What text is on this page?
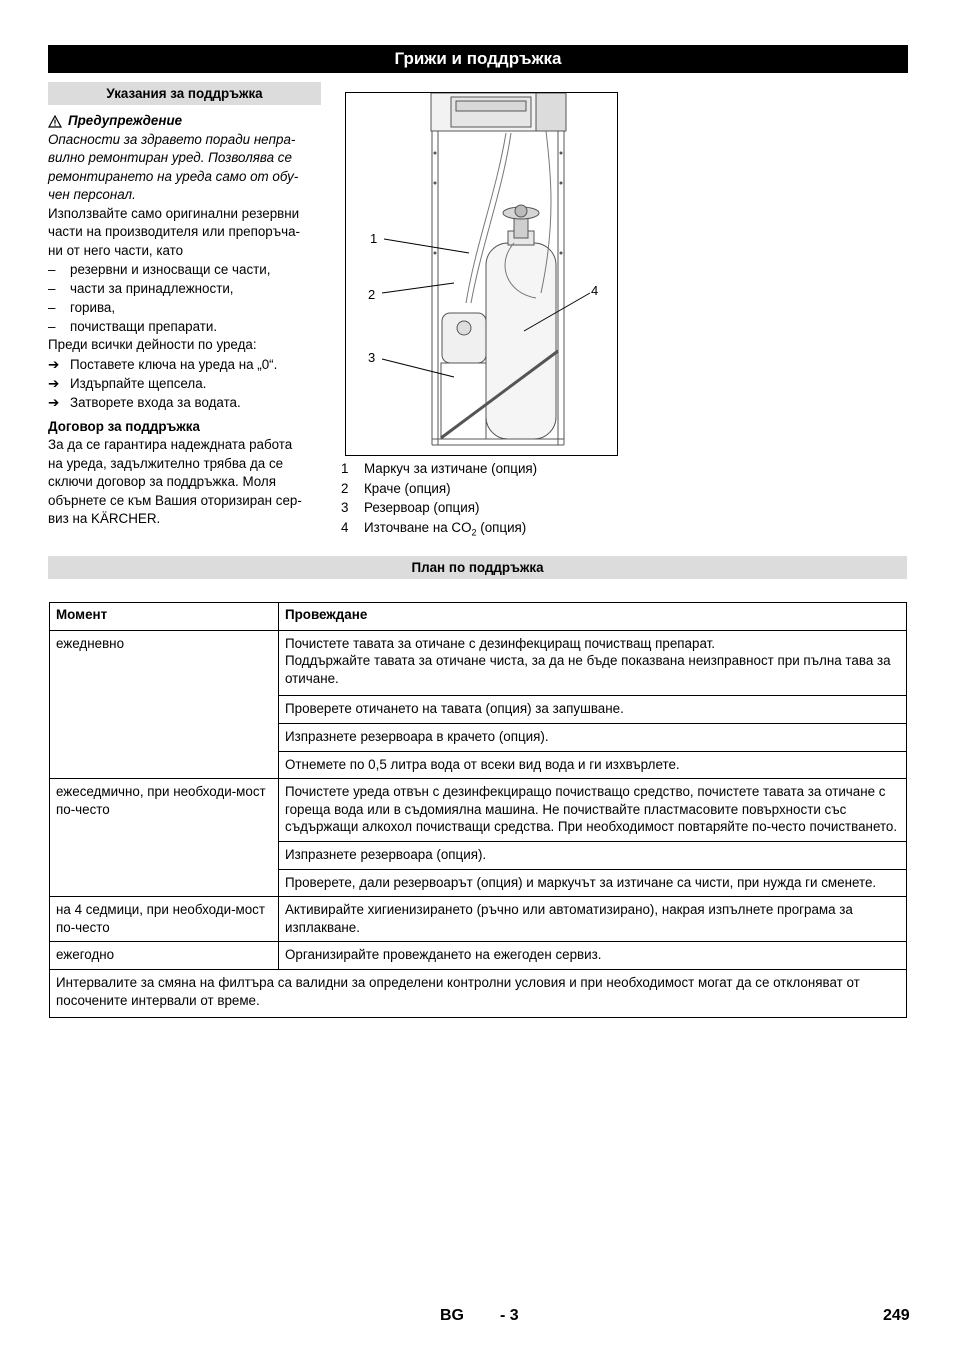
Грижи и поддръжка
Указания за поддръжка
Предупреждение
Опасности за здравето поради непра-
вилно ремонтиран уред. Позволява се
ремонтирането на уреда само от обу-
чен персонал.
Използвайте само оригинални резервни
части на производителя или препоръча-
ни от него части, като
–	резервни и износващи се части,
–	части за принадлежности,
–	горива,
–	почистващи препарати.
Преди всички дейности по уреда:
➔ Поставете ключа на уреда на „0“.
➔ Издърпайте щепсела.
➔ Затворете входа за водата.
Договор за поддръжка
За да се гарантира надеждната работа
на уреда, задължително трябва да се
сключи договор за поддръжка. Моля
обърнете се към Вашия оторизиран сер-
виз на KÄRCHER.
1
2
3
4
1	Маркуч за изтичане (опция)
2	Краче (опция)
3	Резервоар (опция)
4	Източване на $CO_2$ (опция)
План по поддръжка
Момент	Провеждане
ежедневно	Почистете тавата за отичане с дезинфекцирaщ почистващ препарат.
Поддържайте тавата за отичане чиста, за да не бъде показвана неизправност при пълна тава за отичане.

	Проверете отичането на тавата (опция) за запушване.
	Изпразнете резервоара в крачето (опция).
	Отнемете по 0,5 литра вода от всеки вид вода и ги изхвърлете.
ежеседмично, при необходи-мост по-често	Почистете уреда отвън с дезинфекциращо почистващо средство, почистете тавата за отичане с гореща вода или в съдомиялна машина. Не почиствайте пластмасовите повърхности със съдържащи алкохол почистващи средства. При необходимост повтаряйте по-често почистването.
	Изпразнете резервоара (опция).
	Проверете, дали резервоарът (опция) и маркучът за изтичане са чисти, при нужда ги сменете.
на 4 седмици, при необходи-мост по-често	Активирайте хигиенизирането (ръчно или автоматизирано), накрая изпълнете програма за изплакване.
ежегодно	Организирайте провеждането на ежегоден сервиз.
Интервалите за смяна на филтъра са валидни за определени контролни условия и при необходимост могат да се отклоняват от посочените интервали от време.	
BG - 3	249
